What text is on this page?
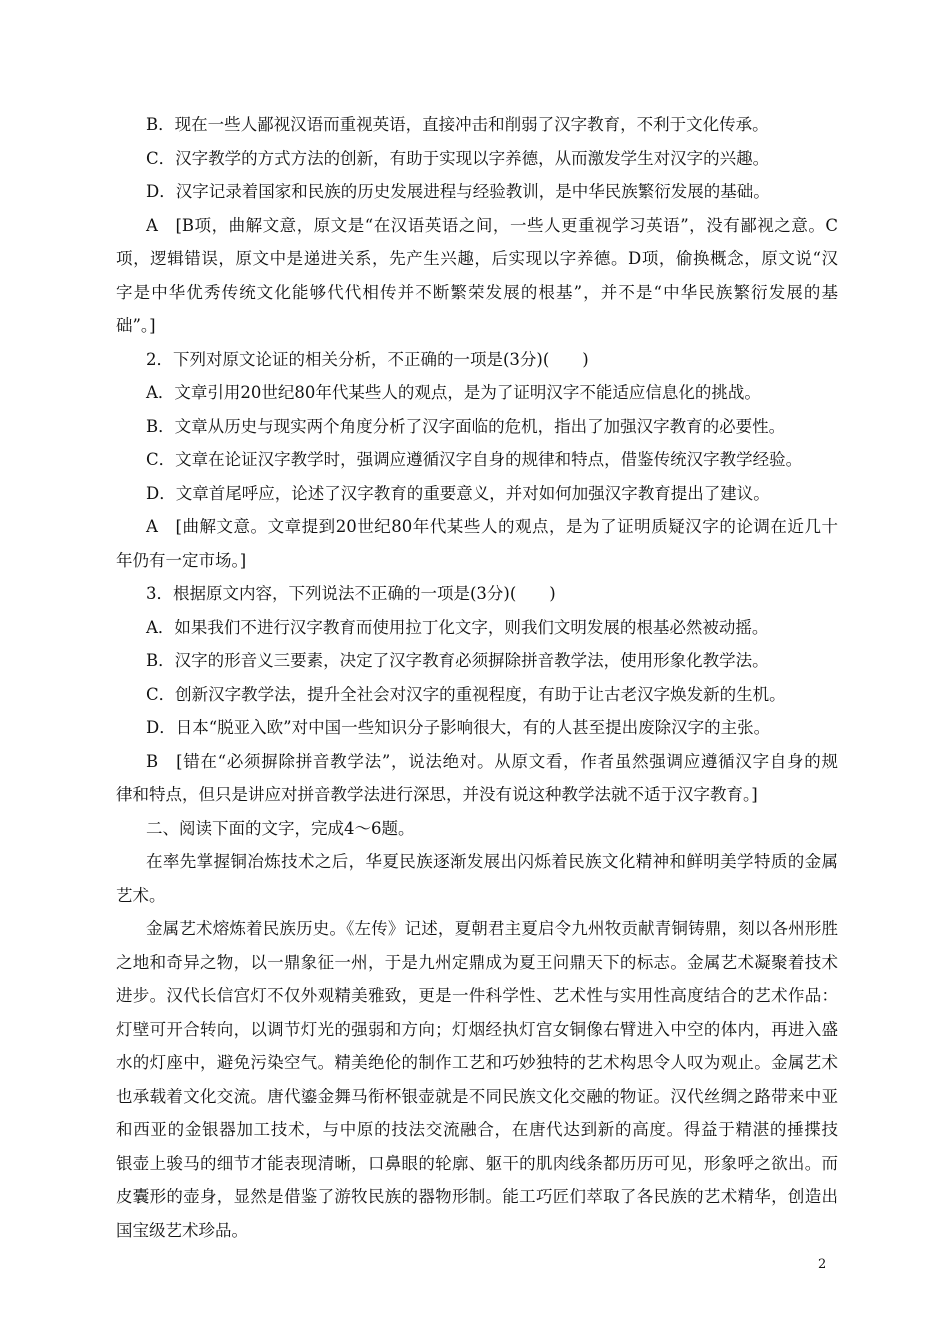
B．现在一些人鄙视汉语而重视英语，直接冲击和削弱了汉字教育，不利于文化传承。
C．汉字教学的方式方法的创新，有助于实现以字养德，从而激发学生对汉字的兴趣。
D．汉字记录着国家和民族的历史发展进程与经验教训，是中华民族繁衍发展的基础。
A　[B项，曲解文意，原文是“在汉语英语之间，一些人更重视学习英语”，没有鄙视之意。C
项，逻辑错误，原文中是递进关系，先产生兴趣，后实现以字养德。D项，偷换概念，原文说“汉
字是中华优秀传统文化能够代代相传并不断繁荣发展的根基”，并不是“中华民族繁衍发展的基
础”。]
2．下列对原文论证的相关分析，不正确的一项是(3分)(　　)
A．文章引用20世纪80年代某些人的观点，是为了证明汉字不能适应信息化的挑战。
B．文章从历史与现实两个角度分析了汉字面临的危机，指出了加强汉字教育的必要性。
C．文章在论证汉字教学时，强调应遵循汉字自身的规律和特点，借鉴传统汉字教学经验。
D．文章首尾呼应，论述了汉字教育的重要意义，并对如何加强汉字教育提出了建议。
A　[曲解文意。文章提到20世纪80年代某些人的观点，是为了证明质疑汉字的论调在近几十
年仍有一定市场。]
3．根据原文内容，下列说法不正确的一项是(3分)(　　)
A．如果我们不进行汉字教育而使用拉丁化文字，则我们文明发展的根基必然被动摇。
B．汉字的形音义三要素，决定了汉字教育必须摒除拼音教学法，使用形象化教学法。
C．创新汉字教学法，提升全社会对汉字的重视程度，有助于让古老汉字焕发新的生机。
D．日本“脱亚入欧”对中国一些知识分子影响很大，有的人甚至提出废除汉字的主张。
B　[错在“必须摒除拼音教学法”，说法绝对。从原文看，作者虽然强调应遵循汉字自身的规
律和特点，但只是讲应对拼音教学法进行深思，并没有说这种教学法就不适于汉字教育。]
二、阅读下面的文字，完成4～6题。
在率先掌握铜冶炼技术之后，华夏民族逐渐发展出闪烁着民族文化精神和鲜明美学特质的金属
艺术。
金属艺术熔炼着民族历史。《左传》记述，夏朝君主夏启令九州牧贡献青铜铸鼎，刻以各州形胜
之地和奇异之物，以一鼎象征一州，于是九州定鼎成为夏王问鼎天下的标志。金属艺术凝聚着技术
进步。汉代长信宫灯不仅外观精美雅致，更是一件科学性、艺术性与实用性高度结合的艺术作品：
灯壁可开合转向，以调节灯光的强弱和方向；灯烟经执灯宫女铜像右臂进入中空的体内，再进入盛
水的灯座中，避免污染空气。精美绝伦的制作工艺和巧妙独特的艺术构思令人叹为观止。金属艺术
也承载着文化交流。唐代鎏金舞马衔杯银壶就是不同民族文化交融的物证。汉代丝绸之路带来中亚
和西亚的金银器加工技术，与中原的技法交流融合，在唐代达到新的高度。得益于精湛的捶揲技
银壶上骏马的细节才能表现清晰，口鼻眼的轮廓、躯干的肌肉线条都历历可见，形象呼之欲出。而
皮囊形的壶身，显然是借鉴了游牧民族的器物形制。能工巧匠们萃取了各民族的艺术精华，创造出
国宝级艺术珍品。
2
